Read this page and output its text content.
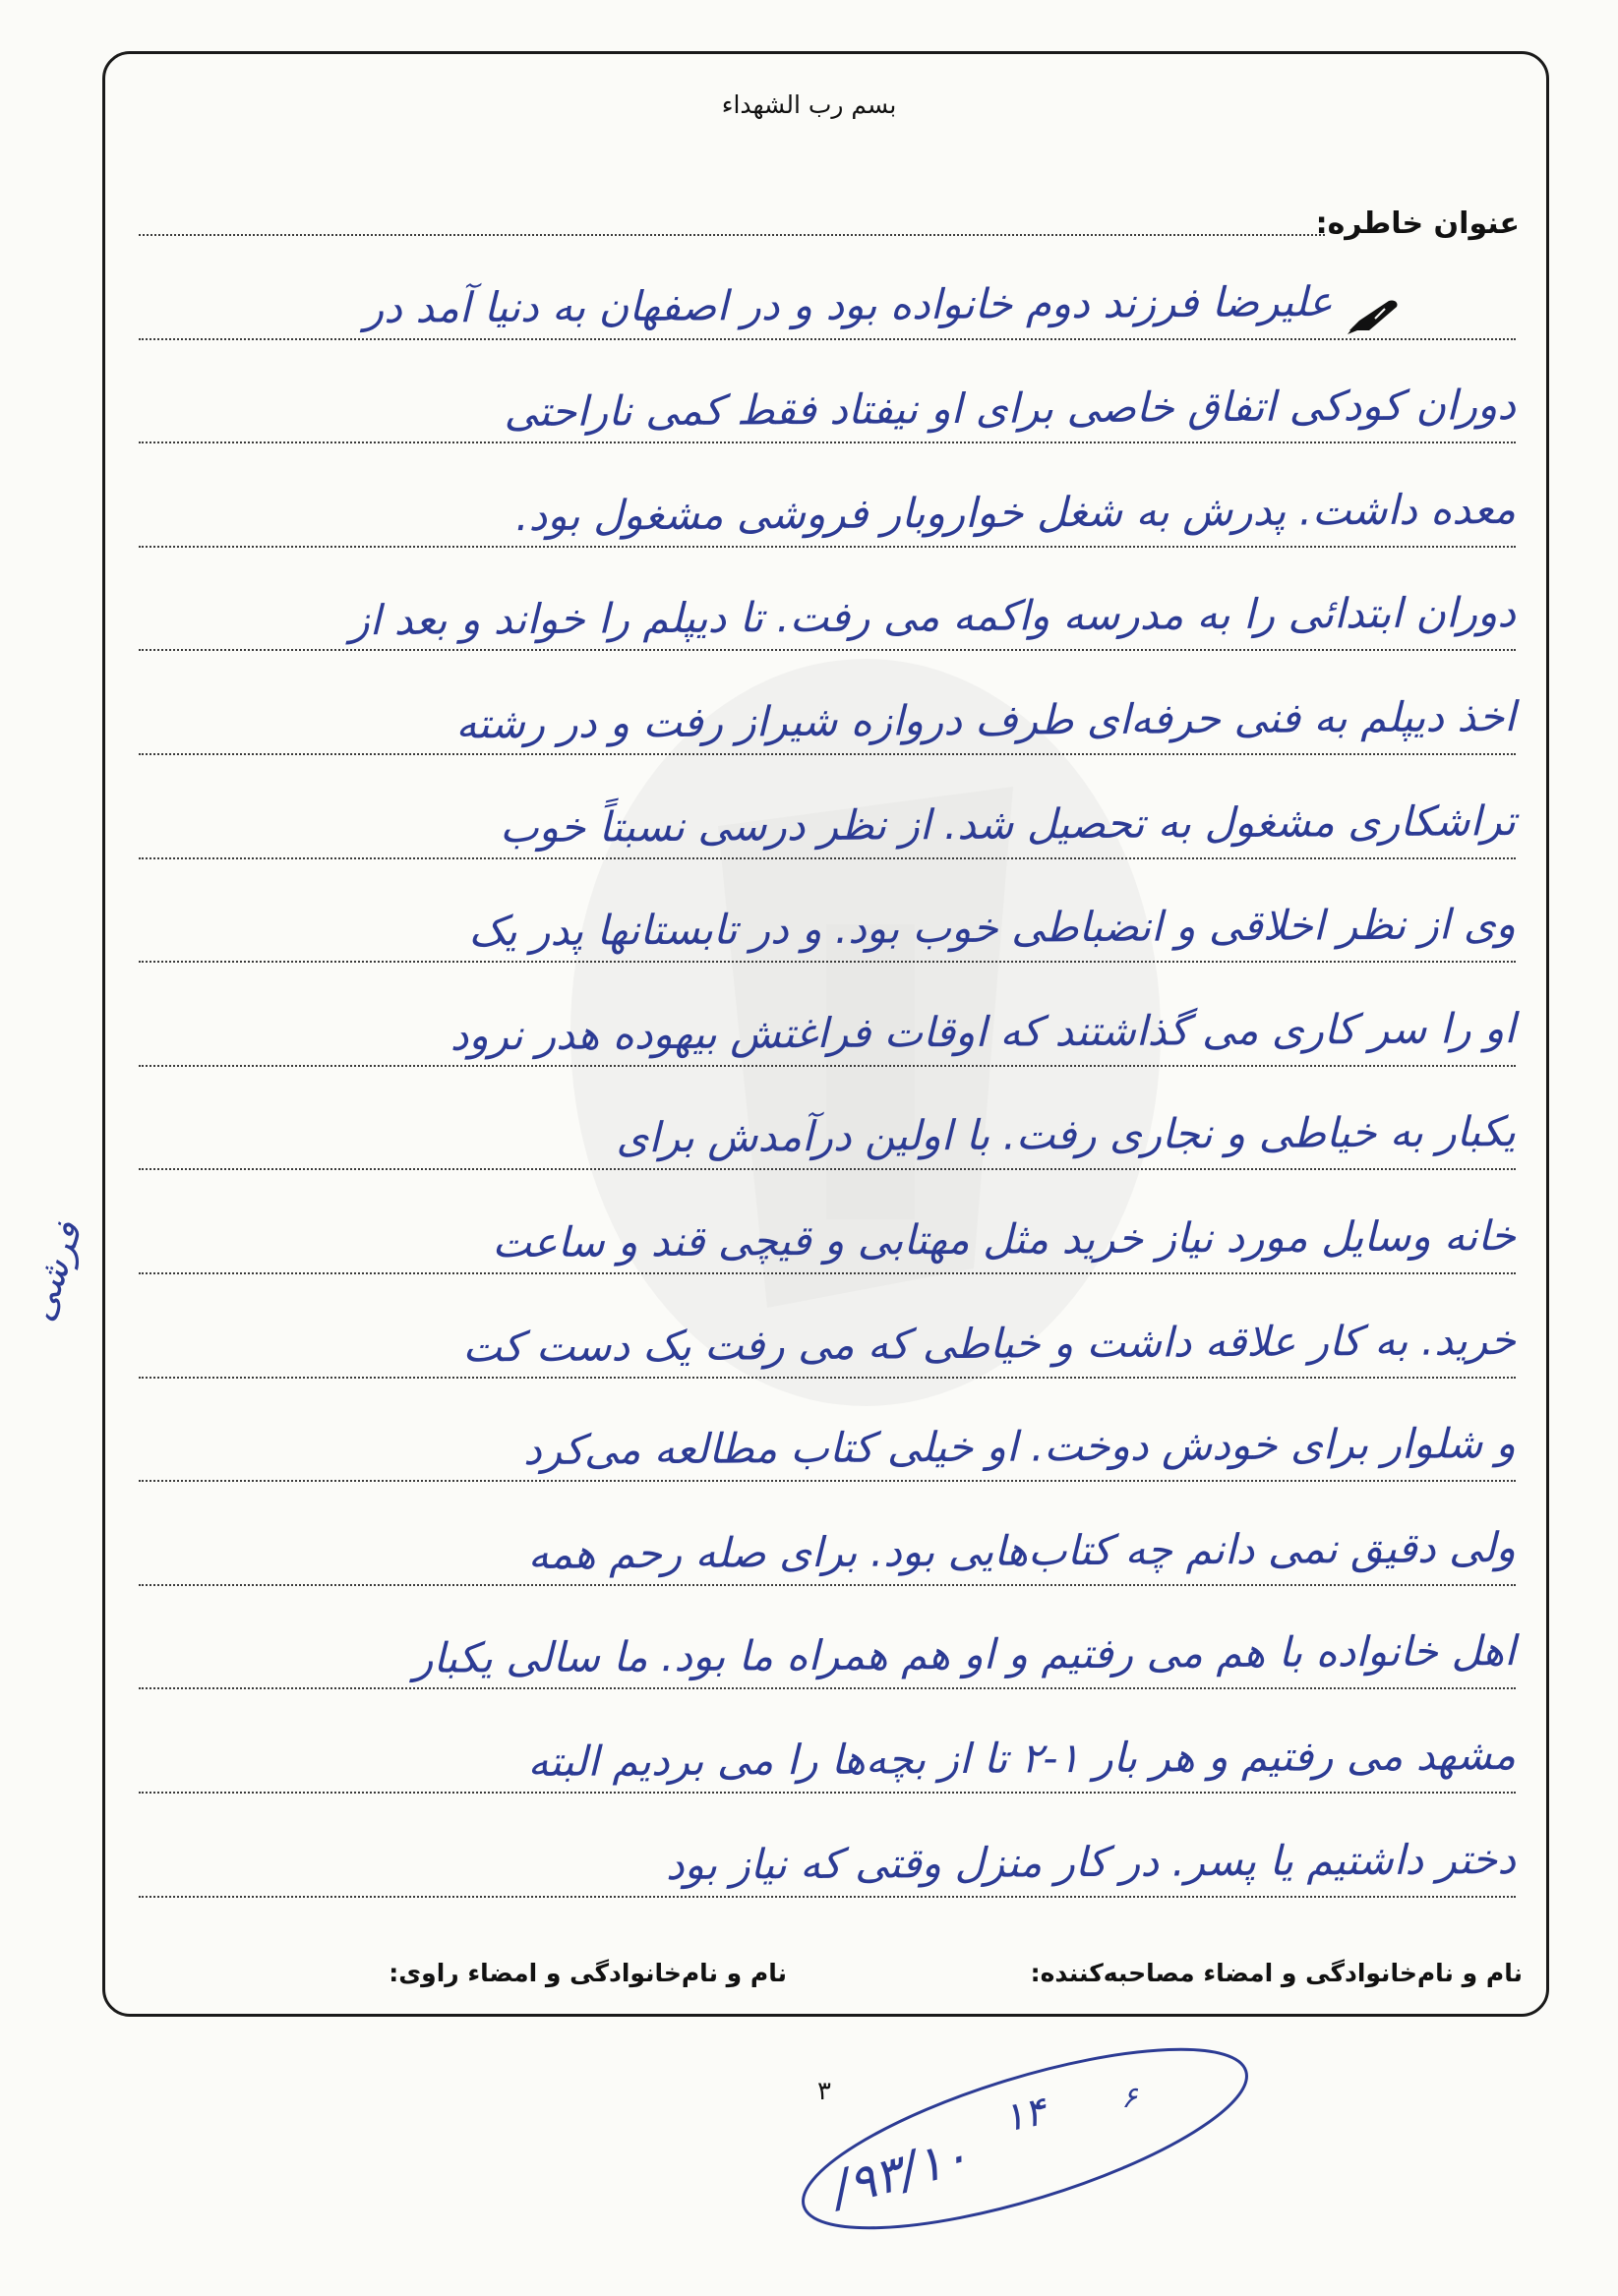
بسم رب الشهداء
عنوان خاطره:
علیرضا فرزند دوم خانواده بود و در اصفهان به دنیا آمد در
دوران کودکی اتفاق خاصی برای او نیفتاد فقط کمی ناراحتی
معده داشت. پدرش به شغل خواروبار فروشی مشغول بود.
دوران ابتدائی را به مدرسه واکمه می رفت. تا دیپلم را خواند و بعد از
اخذ دیپلم به فنی حرفه‌ای طرف دروازه شیراز رفت و در رشته
تراشکاری مشغول به تحصیل شد. از نظر درسی نسبتاً خوب
وی از نظر اخلاقی و انضباطی خوب بود. و در تابستانها پدر یک
او را سر کاری می گذاشتند که اوقات فراغتش بیهوده هدر نرود
یکبار به خیاطی و نجاری رفت. با اولین درآمدش برای
خانه وسایل مورد نیاز خرید مثل مهتابی و قیچی قند و ساعت
خرید. به کار علاقه داشت و خیاطی که می رفت یک دست کت
و شلوار برای خودش دوخت. او خیلی کتاب مطالعه می‌کرد
ولی دقیق نمی دانم چه کتاب‌هایی بود. برای صله رحم همه
اهل خانواده با هم می رفتیم و او هم همراه ما بود. ما سالی یکبار
مشهد می رفتیم و هر بار ۱-۲ تا از بچه‌ها را می بردیم البته
دختر داشتیم یا پسر. در کار منزل وقتی که نیاز بود
فرشی
نام و نام‌خانوادگی و امضاء مصاحبه‌کننده:
نام و نام‌خانوادگی و امضاء راوی:
۳	۱۴ ۶
۹۳/۱۰/
